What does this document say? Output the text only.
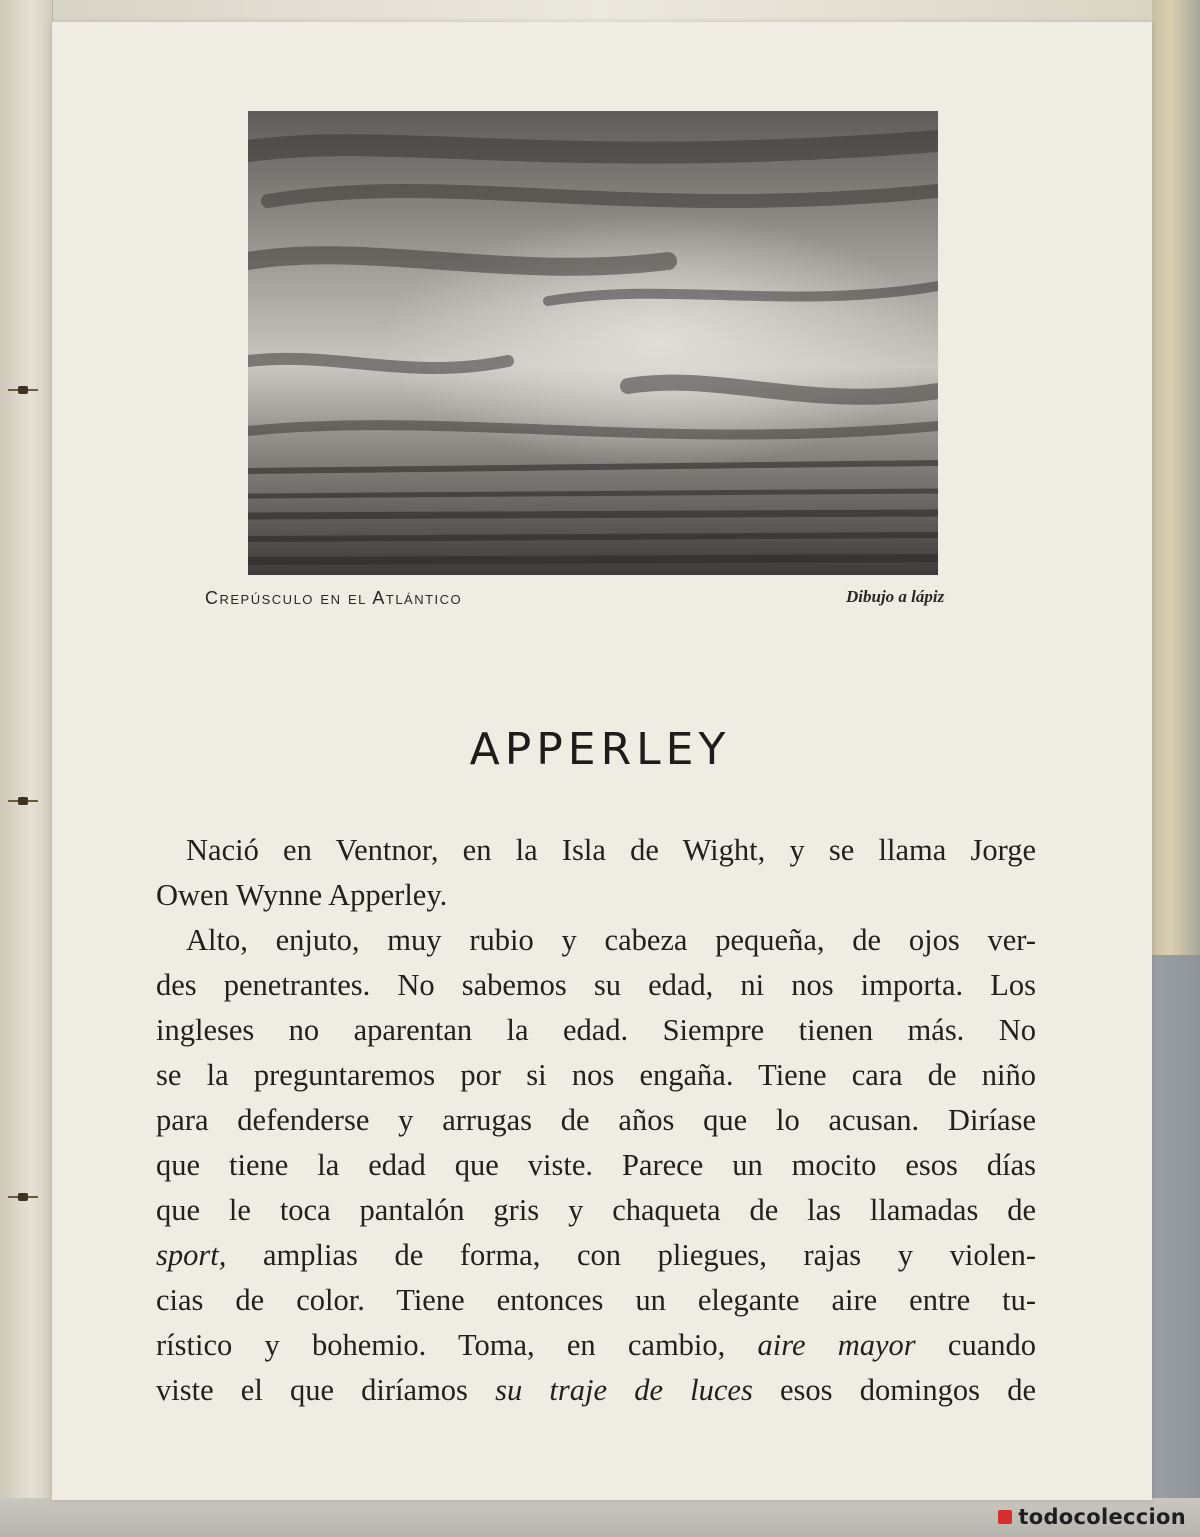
Crepúsculo en el Atlántico	Dibujo a lápiz
APPERLEY
Nació en Ventnor, en la Isla de Wight, y se llama Jorge
Owen Wynne Apperley.
Alto, enjuto, muy rubio y cabeza pequeña, de ojos ver-
des penetrantes. No sabemos su edad, ni nos importa. Los
ingleses no aparentan la edad. Siempre tienen más. No
se la preguntaremos por si nos engaña. Tiene cara de niño
para defenderse y arrugas de años que lo acusan. Diríase
que tiene la edad que viste. Parece un mocito esos días
que le toca pantalón gris y chaqueta de las llamadas de
sport, amplias de forma, con pliegues, rajas y violen-
cias de color. Tiene entonces un elegante aire entre tu-
rístico y bohemio. Toma, en cambio, aire mayor cuando
viste el que diríamos su traje de luces esos domingos de
todocoleccion
